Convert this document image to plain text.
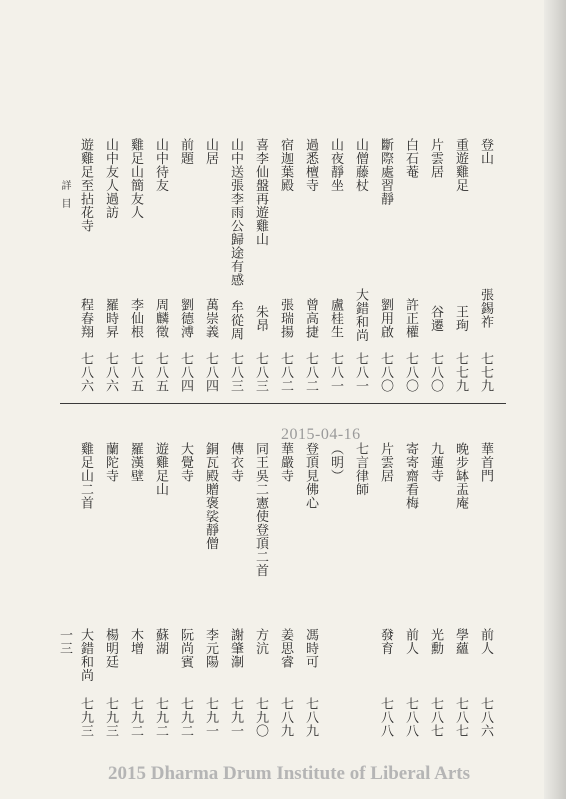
登山
張錫祚
七七九
重遊雞足
王珣
七七九
片雲居
谷遷
七八〇
白石菴
許正權
七八〇
斷際處習靜
劉用啟
七八〇
山僧藤杖
大錯和尚
七八一
山夜靜坐
盧桂生
七八一
過悉檀寺
曾高捷
七八二
宿迦葉殿
張瑞揚
七八二
喜李仙盤再遊雞山
朱昂
七八三
山中送張李雨公歸途有感
牟從周
七八三
山居
萬崇義
七八四
前題
劉德溥
七八四
山中待友
周麟徵
七八五
雞足山簡友人
李仙根
七八五
山中友人過訪
羅時昇
七八六
遊雞足至拈花寺
程春翔
七八六
詳目
2015-04-16
華首門
前人
七八六
晚步缽盂庵
學蘊
七八七
九蓮寺
光勳
七八七
寄寄齋看梅
前人
七八八
片雲居
發育
七八八
七言律師
（明）
登頂見佛心
馮時可
七八九
華嚴寺
姜思睿
七八九
同王吳二憲使登頂二首
方沆
七九〇
傳衣寺
謝肇淛
七九一
銅瓦殿贈褒裟靜僧
李元陽
七九一
大覺寺
阮尚賓
七九二
遊雞足山
蘇湖
七九二
羅漢壁
木增
七九二
蘭陀寺
楊明廷
七九三
雞足山二首
大錯和尚
七九三
一三
2015 Dharma Drum Institute of Liberal Arts
